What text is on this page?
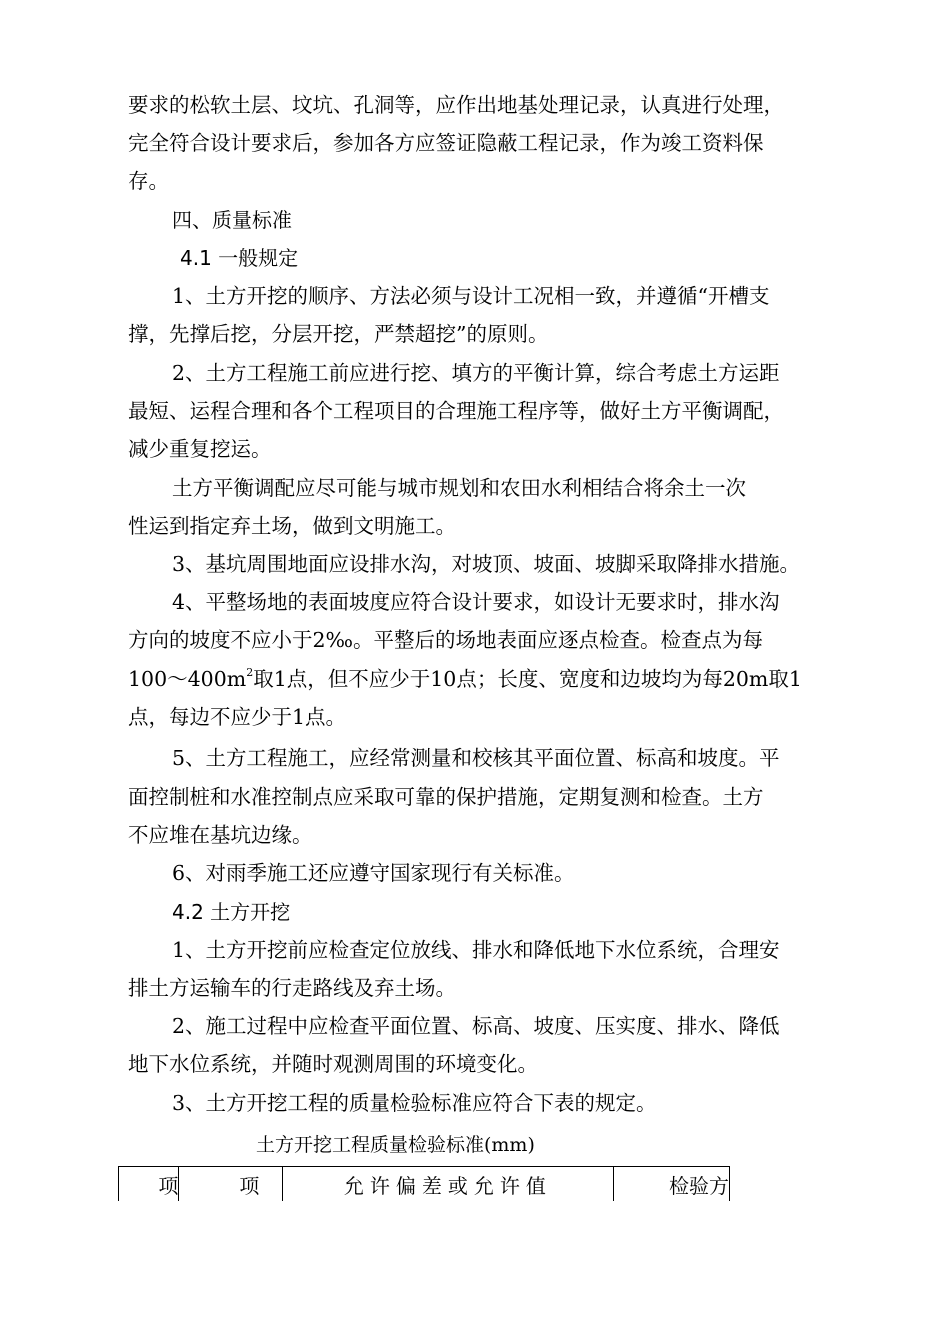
要求的松软土层、坟坑、孔洞等，应作出地基处理记录，认真进行处理，
完全符合设计要求后，参加各方应签证隐蔽工程记录，作为竣工资料保
存。
四、质量标准
4.1 一般规定
1、土方开挖的顺序、方法必须与设计工况相一致，并遵循“开槽支
撑，先撑后挖，分层开挖，严禁超挖”的原则。
2、土方工程施工前应进行挖、填方的平衡计算，综合考虑土方运距
最短、运程合理和各个工程项目的合理施工程序等，做好土方平衡调配，
减少重复挖运。
土方平衡调配应尽可能与城市规划和农田水利相结合将余土一次
性运到指定弃土场，做到文明施工。
3、基坑周围地面应设排水沟，对坡顶、坡面、坡脚采取降排水措施。
4、平整场地的表面坡度应符合设计要求，如设计无要求时，排水沟
方向的坡度不应小于2‰。平整后的场地表面应逐点检查。检查点为每
$100\sim 400m^2$取1点，但不应少于10点；长度、宽度和边坡均为每20m取1
点，每边不应少于1点。
5、土方工程施工，应经常测量和校核其平面位置、标高和坡度。平
面控制桩和水准控制点应采取可靠的保护措施，定期复测和检查。土方
不应堆在基坑边缘。
6、对雨季施工还应遵守国家现行有关标准。
4.2 土方开挖
1、土方开挖前应检查定位放线、排水和降低地下水位系统，合理安
排土方运输车的行走路线及弃土场。
2、施工过程中应检查平面位置、标高、坡度、压实度、排水、降低
地下水位系统，并随时观测周围的环境变化。
3、土方开挖工程的质量检验标准应符合下表的规定。
土方开挖工程质量检验标准(mm)
项	项	允许偏差或允许值	检验方
